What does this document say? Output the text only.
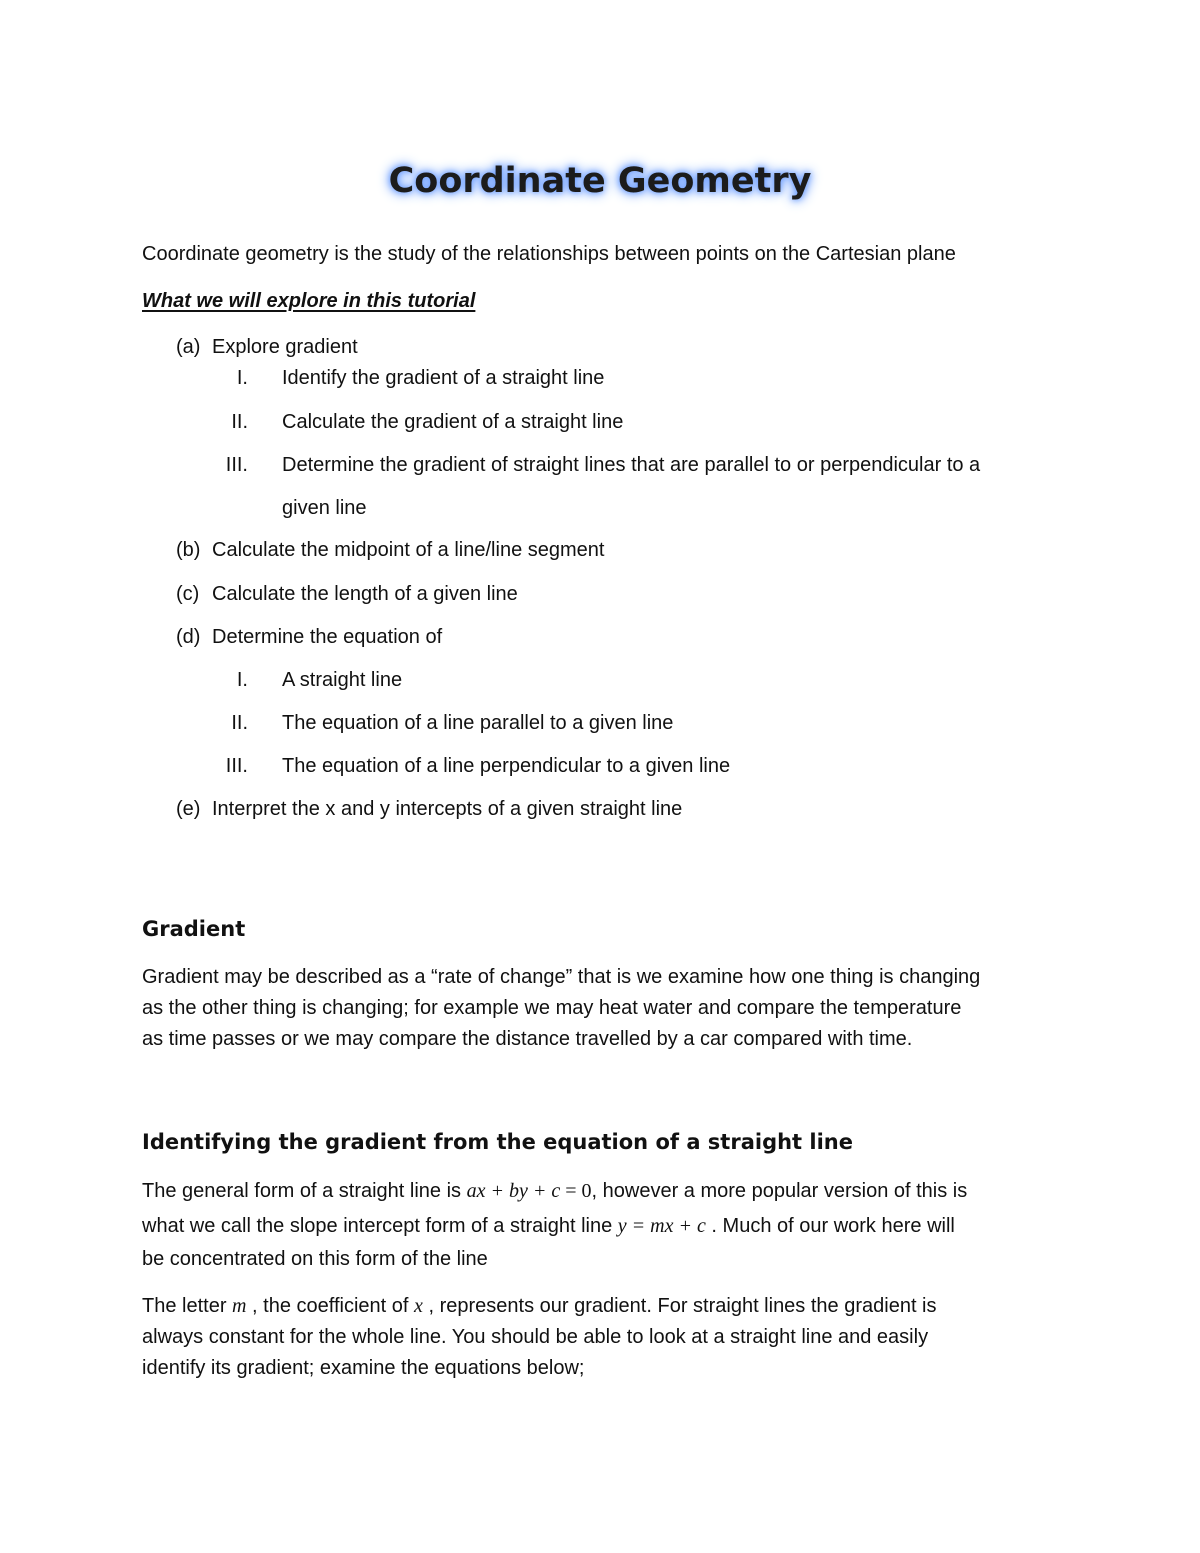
Coordinate Geometry
Coordinate geometry is the study of the relationships between points on the Cartesian plane
What we will explore in this tutorial
(a) Explore gradient
I. Identify the gradient of a straight line
II. Calculate the gradient of a straight line
III. Determine the gradient of straight lines that are parallel to or perpendicular to a
given line
(b) Calculate the midpoint of a line/line segment
(c) Calculate the length of a given line
(d) Determine the equation of
I. A straight line
II. The equation of a line parallel to a given line
III. The equation of a line perpendicular to a given line
(e) Interpret the x and y intercepts of a given straight line
Gradient
Gradient may be described as a “rate of change” that is we examine how one thing is changing
as the other thing is changing; for example we may heat water and compare the temperature
as time passes or we may compare the distance travelled by a car compared with time.
Identifying the gradient from the equation of a straight line
The general form of a straight line is ax + by + c = 0, however a more popular version of this is
what we call the slope intercept form of a straight line y = mx + c . Much of our work here will
be concentrated on this form of the line
The letter m , the coefficient of x , represents our gradient. For straight lines the gradient is
always constant for the whole line. You should be able to look at a straight line and easily
identify its gradient; examine the equations below;
